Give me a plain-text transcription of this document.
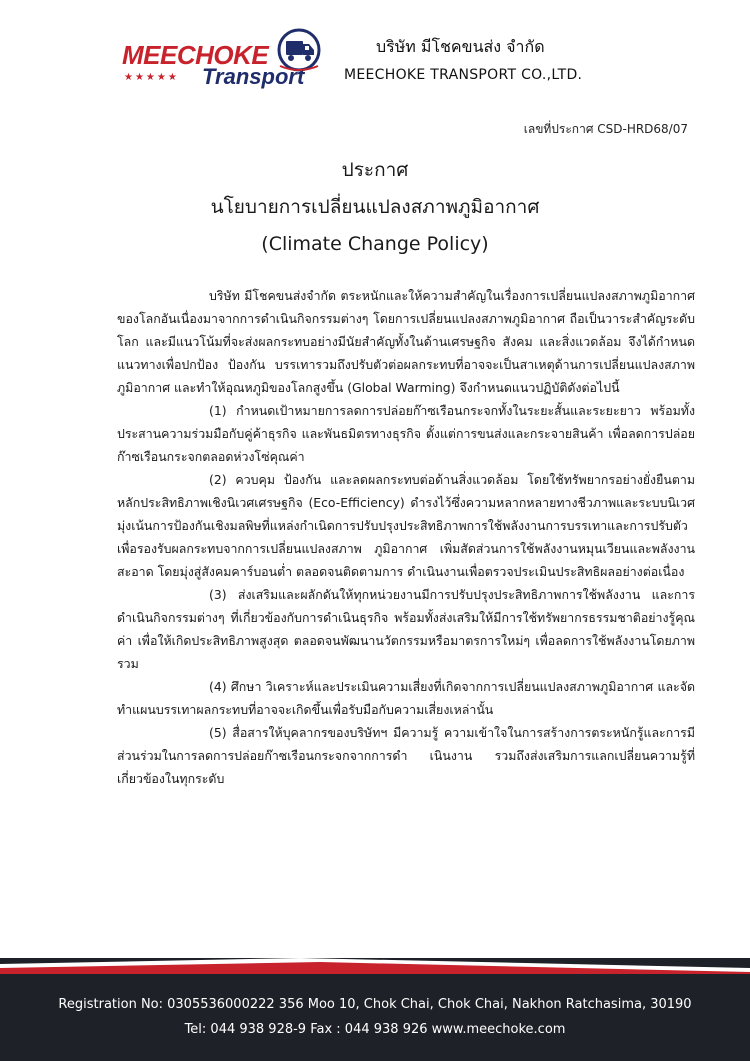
MEECHOKE
Transport
★★★★★
บริษัท มีโชคขนส่ง จำกัด
MEECHOKE TRANSPORT CO.,LTD.
เลขที่ประกาศ CSD-HRD68/07
ประกาศ
นโยบายการเปลี่ยนแปลงสภาพภูมิอากาศ
(Climate Change Policy)

บริษัท มีโชคขนส่งจำกัด ตระหนักและให้ความสำคัญในเรื่องการเปลี่ยนแปลงสภาพภูมิอากาศของโลกอันเนื่องมาจากการดำเนินกิจกรรมต่างๆ โดยการเปลี่ยนแปลงสภาพภูมิอากาศ ถือเป็นวาระสำคัญระดับโลก และมีแนวโน้มที่จะส่งผลกระทบอย่างมีนัยสำคัญทั้งในด้านเศรษฐกิจ สังคม และสิ่งแวดล้อม จึงได้กำหนดแนวทางเพื่อปกป้อง ป้องกัน บรรเทารวมถึงปรับตัวต่อผลกระทบที่อาจจะเป็นสาเหตุด้านการเปลี่ยนแปลงสภาพภูมิอากาศ และทำให้อุณหภูมิของโลกสูงขึ้น (Global Warming) จึงกำหนดแนวปฏิบัติดังต่อไปนี้

(1) กำหนดเป้าหมายการลดการปล่อยก๊าซเรือนกระจกทั้งในระยะสั้นและระยะยาว พร้อมทั้งประสานความร่วมมือกับคู่ค้าธุรกิจ และพันธมิตรทางธุรกิจ ตั้งแต่การขนส่งและกระจายสินค้า เพื่อลดการปล่อย ก๊าซเรือนกระจกตลอดห่วงโซ่คุณค่า

(2) ควบคุม ป้องกัน และลดผลกระทบต่อด้านสิ่งแวดล้อม โดยใช้ทรัพยากรอย่างยั่งยืนตามหลักประสิทธิภาพเชิงนิเวศเศรษฐกิจ (Eco-Efficiency) ดำรงไว้ซึ่งความหลากหลายทางชีวภาพและระบบนิเวศ มุ่งเน้นการป้องกันเชิงมลพิษที่แหล่งกำเนิดการปรับปรุงประสิทธิภาพการใช้พลังงานการบรรเทาและการปรับตัวเพื่อรองรับผลกระทบจากการเปลี่ยนแปลงสภาพ ภูมิอากาศ เพิ่มสัดส่วนการใช้พลังงานหมุนเวียนและพลังงานสะอาด โดยมุ่งสู่สังคมคาร์บอนต่ำ ตลอดจนติดตามการ ดำเนินงานเพื่อตรวจประเมินประสิทธิผลอย่างต่อเนื่อง

(3) ส่งเสริมและผลักดันให้ทุกหน่วยงานมีการปรับปรุงประสิทธิภาพการใช้พลังงาน และการดำเนินกิจกรรมต่างๆ ที่เกี่ยวข้องกับการดำเนินธุรกิจ พร้อมทั้งส่งเสริมให้มีการใช้ทรัพยากรธรรมชาติอย่างรู้คุณค่า เพื่อให้เกิดประสิทธิภาพสูงสุด ตลอดจนพัฒนานวัตกรรมหรือมาตรการใหม่ๆ เพื่อลดการใช้พลังงานโดยภาพรวม

(4) ศึกษา วิเคราะห์และประเมินความเสี่ยงที่เกิดจากการเปลี่ยนแปลงสภาพภูมิอากาศ และจัดทำแผนบรรเทาผลกระทบที่อาจจะเกิดขึ้นเพื่อรับมือกับความเสี่ยงเหล่านั้น

(5) สื่อสารให้บุคลากรของบริษัทฯ มีความรู้ ความเข้าใจในการสร้างการตระหนักรู้และการมี ส่วนร่วมในการลดการปล่อยก๊าซเรือนกระจกจากการดำ เนินงาน รวมถึงส่งเสริมการแลกเปลี่ยนความรู้ที่เกี่ยวข้องในทุกระดับ

Registration No: 0305536000222 356 Moo 10, Chok Chai, Chok Chai, Nakhon Ratchasima, 30190
Tel: 044 938 928-9 Fax : 044 938 926 www.meechoke.com
